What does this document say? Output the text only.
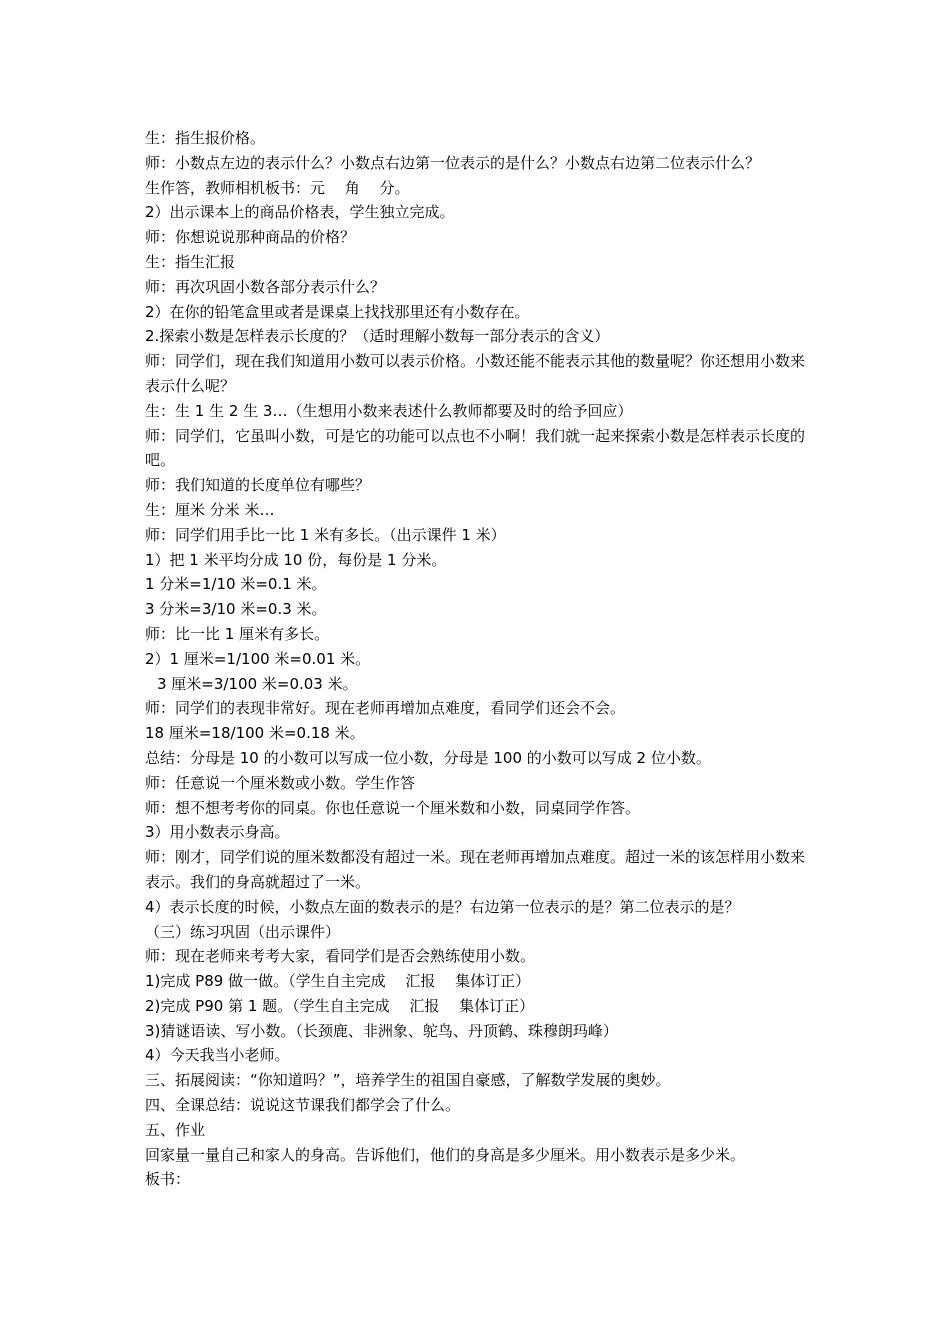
生：指生报价格。
师：小数点左边的表示什么？小数点右边第一位表示的是什么？小数点右边第二位表示什么？
生作答，教师相机板书：元　 角　 分。
2）出示课本上的商品价格表，学生独立完成。
师：你想说说那种商品的价格？
生：指生汇报
师：再次巩固小数各部分表示什么？
2）在你的铅笔盒里或者是课桌上找找那里还有小数存在。
2.探索小数是怎样表示长度的？（适时理解小数每一部分表示的含义）
师：同学们，现在我们知道用小数可以表示价格。小数还能不能表示其他的数量呢？你还想用小数来表示什么呢？
生：生 1 生 2 生 3…（生想用小数来表述什么教师都要及时的给予回应）
师：同学们，它虽叫小数，可是它的功能可以点也不小啊！我们就一起来探索小数是怎样表示长度的吧。
师：我们知道的长度单位有哪些？
生：厘米 分米 米…
师：同学们用手比一比 1 米有多长。（出示课件 1 米）
1）把 1 米平均分成 10 份，每份是 1 分米。
1 分米=1/10 米=0.1 米。
3 分米=3/10 米=0.3 米。
师：比一比 1 厘米有多长。
2）1 厘米=1/100 米=0.01 米。
3 厘米=3/100 米=0.03 米。
师：同学们的表现非常好。现在老师再增加点难度，看同学们还会不会。
18 厘米=18/100 米=0.18 米。
总结：分母是 10 的小数可以写成一位小数，分母是 100 的小数可以写成 2 位小数。
师：任意说一个厘米数或小数。学生作答
师：想不想考考你的同桌。你也任意说一个厘米数和小数，同桌同学作答。
3）用小数表示身高。
师：刚才，同学们说的厘米数都没有超过一米。现在老师再增加点难度。超过一米的该怎样用小数来表示。我们的身高就超过了一米。
4）表示长度的时候，小数点左面的数表示的是？右边第一位表示的是？第二位表示的是？
（三）练习巩固（出示课件）
师：现在老师来考考大家，看同学们是否会熟练使用小数。
1)完成 P89 做一做。（学生自主完成　 汇报　 集体订正）
2)完成 P90 第 1 题。（学生自主完成　 汇报　 集体订正）
3)猜谜语读、写小数。（长颈鹿、非洲象、鸵鸟、丹顶鹤、珠穆朗玛峰）
4）今天我当小老师。
三、拓展阅读：“你知道吗？”，培养学生的祖国自豪感，了解数学发展的奥妙。
四、全课总结：说说这节课我们都学会了什么。
五、作业
回家量一量自己和家人的身高。告诉他们，他们的身高是多少厘米。用小数表示是多少米。
板书：
